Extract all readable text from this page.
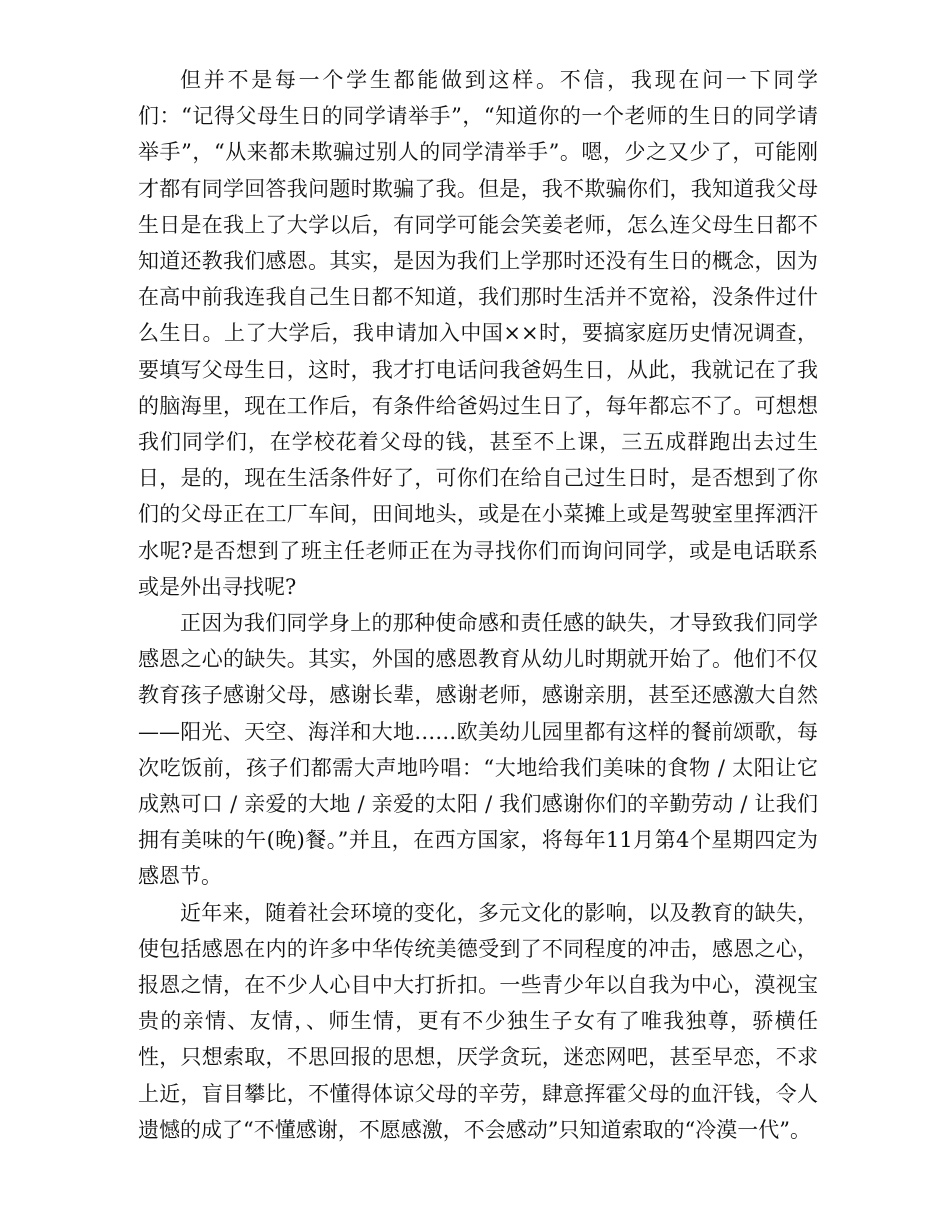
但并不是每一个学生都能做到这样。不信，我现在问一下同学们：“记得父母生日的同学请举手”，“知道你的一个老师的生日的同学请举手”，“从来都未欺骗过别人的同学清举手”。嗯，少之又少了，可能刚才都有同学回答我问题时欺骗了我。但是，我不欺骗你们，我知道我父母生日是在我上了大学以后，有同学可能会笑姜老师，怎么连父母生日都不知道还教我们感恩。其实，是因为我们上学那时还没有生日的概念，因为在高中前我连我自己生日都不知道，我们那时生活并不宽裕，没条件过什么生日。上了大学后，我申请加入中国××时，要搞家庭历史情况调查，要填写父母生日，这时，我才打电话问我爸妈生日，从此，我就记在了我的脑海里，现在工作后，有条件给爸妈过生日了，每年都忘不了。可想想我们同学们，在学校花着父母的钱，甚至不上课，三五成群跑出去过生日，是的，现在生活条件好了，可你们在给自己过生日时，是否想到了你们的父母正在工厂车间，田间地头，或是在小菜摊上或是驾驶室里挥洒汗水呢?是否想到了班主任老师正在为寻找你们而询问同学，或是电话联系或是外出寻找呢?

正因为我们同学身上的那种使命感和责任感的缺失，才导致我们同学感恩之心的缺失。其实，外国的感恩教育从幼儿时期就开始了。他们不仅教育孩子感谢父母，感谢长辈，感谢老师，感谢亲朋，甚至还感激大自然——阳光、天空、海洋和大地……欧美幼儿园里都有这样的餐前颂歌，每次吃饭前，孩子们都需大声地吟唱：“大地给我们美味的食物 / 太阳让它成熟可口 / 亲爱的大地 / 亲爱的太阳 / 我们感谢你们的辛勤劳动 / 让我们拥有美味的午(晚)餐。”并且，在西方国家，将每年11月第4个星期四定为感恩节。

近年来，随着社会环境的变化，多元文化的影响，以及教育的缺失，使包括感恩在内的许多中华传统美德受到了不同程度的冲击，感恩之心，报恩之情，在不少人心目中大打折扣。一些青少年以自我为中心，漠视宝贵的亲情、友情，、师生情，更有不少独生子女有了唯我独尊，骄横任性，只想索取，不思回报的思想，厌学贪玩，迷恋网吧，甚至早恋，不求上近，盲目攀比，不懂得体谅父母的辛劳，肆意挥霍父母的血汗钱，令人遗憾的成了“不懂感谢，不愿感激，不会感动”只知道索取的“冷漠一代”。
